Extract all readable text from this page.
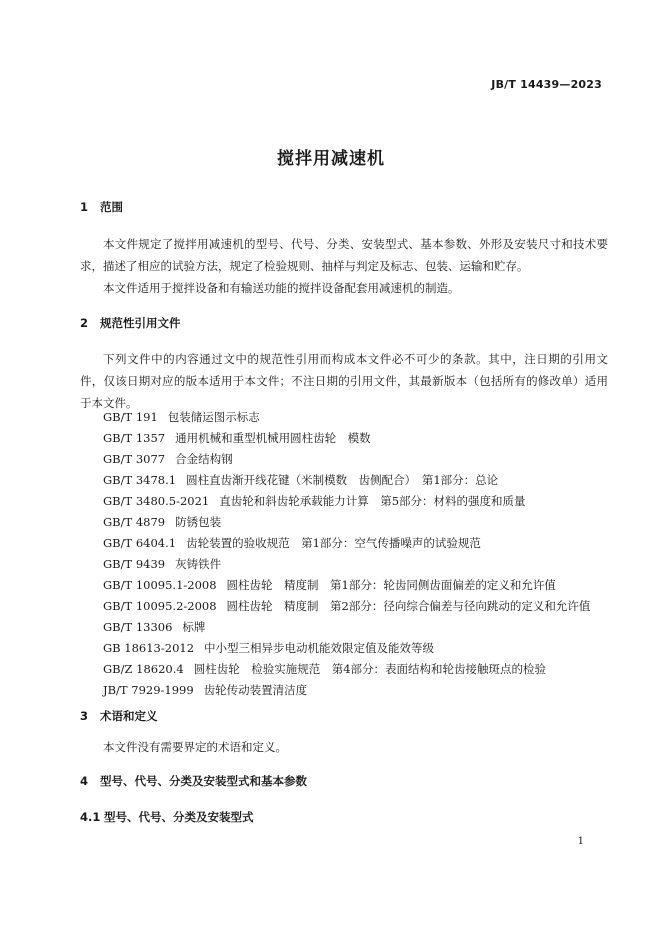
JB/T 14439—2023
搅拌用减速机
1 范围

本文件规定了搅拌用减速机的型号、代号、分类、安装型式、基本参数、外形及安装尺寸和技术要求，描述了相应的试验方法，规定了检验规则、抽样与判定及标志、包装、运输和贮存。

本文件适用于搅拌设备和有输送功能的搅拌设备配套用减速机的制造。

2 规范性引用文件

下列文件中的内容通过文中的规范性引用而构成本文件必不可少的条款。其中，注日期的引用文件，仅该日期对应的版本适用于本文件；不注日期的引用文件，其最新版本（包括所有的修改单）适用于本文件。

GB/T 191 包装储运图示标志
GB/T 1357 通用机械和重型机械用圆柱齿轮　模数
GB/T 3077 合金结构钢
GB/T 3478.1 圆柱直齿渐开线花键（米制模数　齿侧配合）　第1部分：总论
GB/T 3480.5-2021 直齿轮和斜齿轮承载能力计算　第5部分：材料的强度和质量
GB/T 4879 防锈包装
GB/T 6404.1 齿轮装置的验收规范　第1部分：空气传播噪声的试验规范
GB/T 9439 灰铸铁件
GB/T 10095.1-2008 圆柱齿轮　精度制　第1部分：轮齿同侧齿面偏差的定义和允许值
GB/T 10095.2-2008 圆柱齿轮　精度制　第2部分：径向综合偏差与径向跳动的定义和允许值
GB/T 13306 标牌
GB 18613-2012 中小型三相异步电动机能效限定值及能效等级
GB/Z 18620.4 圆柱齿轮　检验实施规范　第4部分：表面结构和轮齿接触斑点的检验
JB/T 7929-1999 齿轮传动装置清洁度
3 术语和定义

本文件没有需要界定的术语和定义。

4 型号、代号、分类及安装型式和基本参数
4.1 型号、代号、分类及安装型式
1
